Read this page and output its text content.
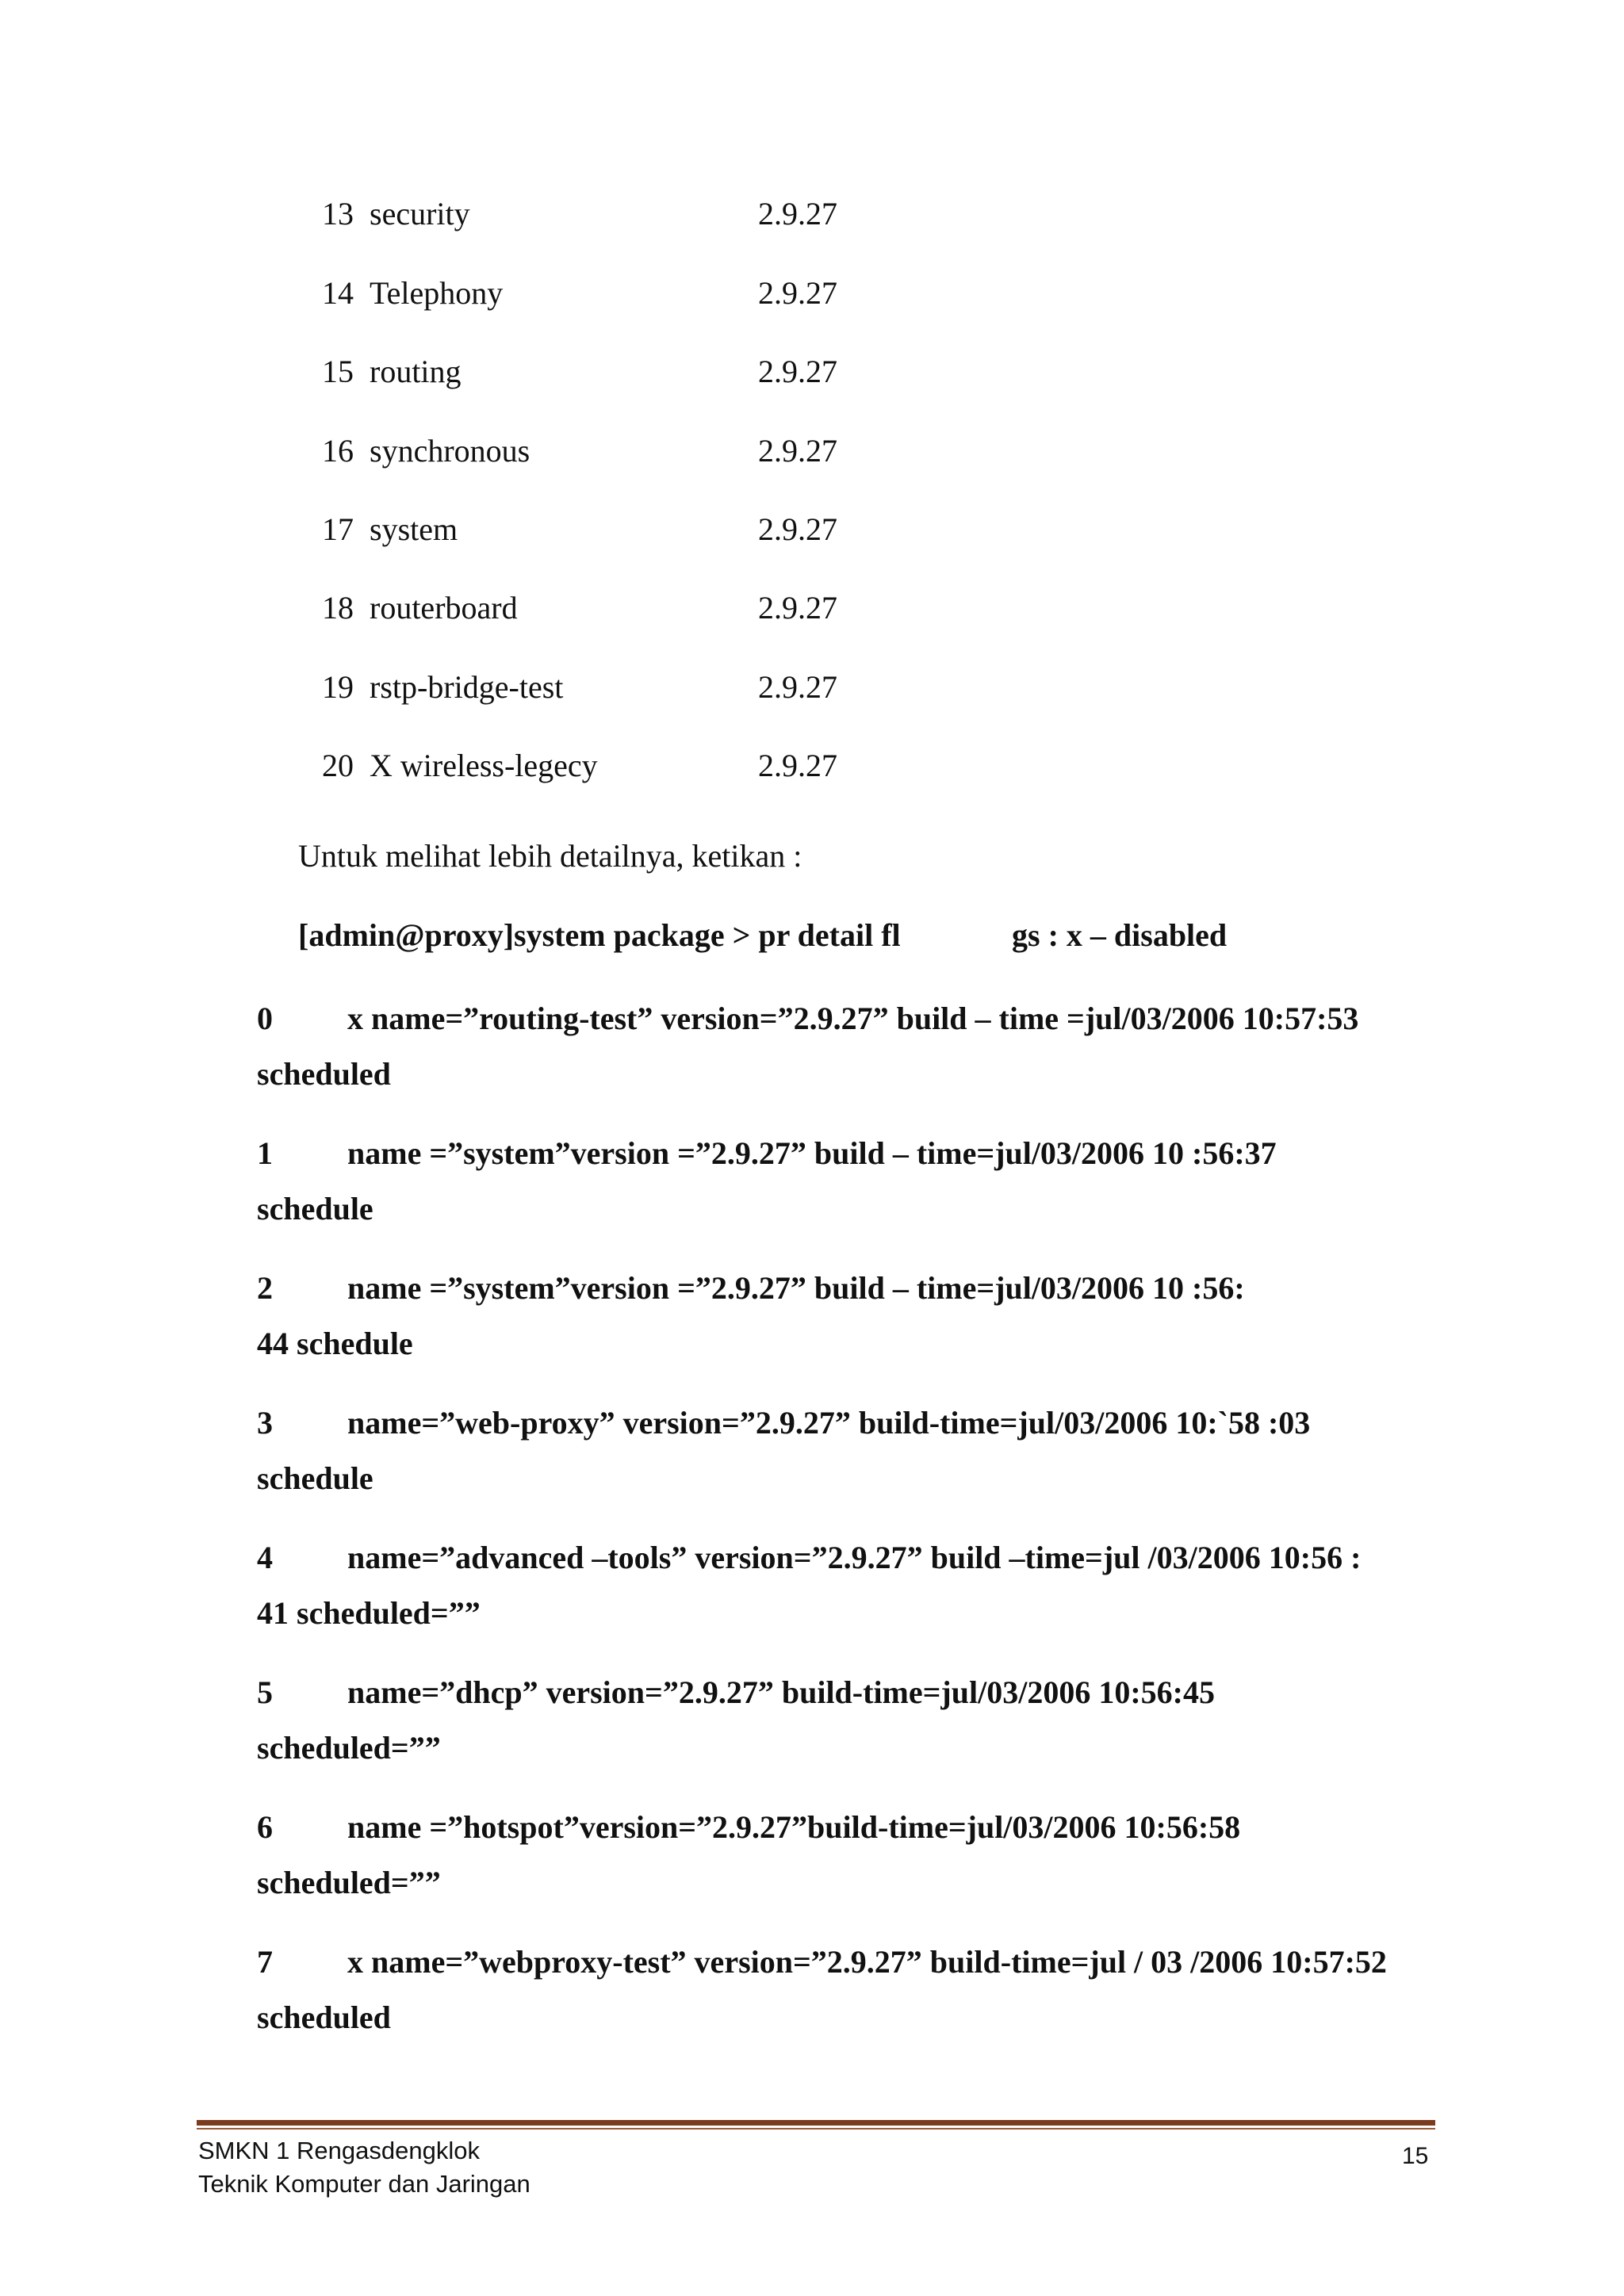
13 security	2.9.27
14 Telephony	2.9.27
15 routing	2.9.27
16 synchronous	2.9.27
17 system	2.9.27
18 routerboard	2.9.27
19 rstp-bridge-test	2.9.27
20 X wireless-legecy	2.9.27
Untuk melihat lebih detailnya, ketikan :
[admin@proxy]system package > pr detail fl	gs : x – disabled
0 x name=”routing-test” version=”2.9.27” build – time =jul/03/2006 10:57:53
scheduled
1 name =”system”version =”2.9.27” build – time=jul/03/2006 10 :56:37
schedule
2 name =”system”version =”2.9.27” build – time=jul/03/2006 10 :56:
44 schedule
3 name=”web-proxy” version=”2.9.27” build-time=jul/03/2006 10:`58 :03
schedule
4 name=”advanced –tools” version=”2.9.27” build –time=jul /03/2006 10:56 :
41 scheduled=””
5 name=”dhcp” version=”2.9.27” build-time=jul/03/2006 10:56:45
scheduled=””
6 name =”hotspot”version=”2.9.27”build-time=jul/03/2006 10:56:58
scheduled=””
7 x name=”webproxy-test” version=”2.9.27” build-time=jul / 03 /2006 10:57:52
scheduled
SMKN 1 Rengasdengklok
Teknik Komputer dan Jaringan
15
